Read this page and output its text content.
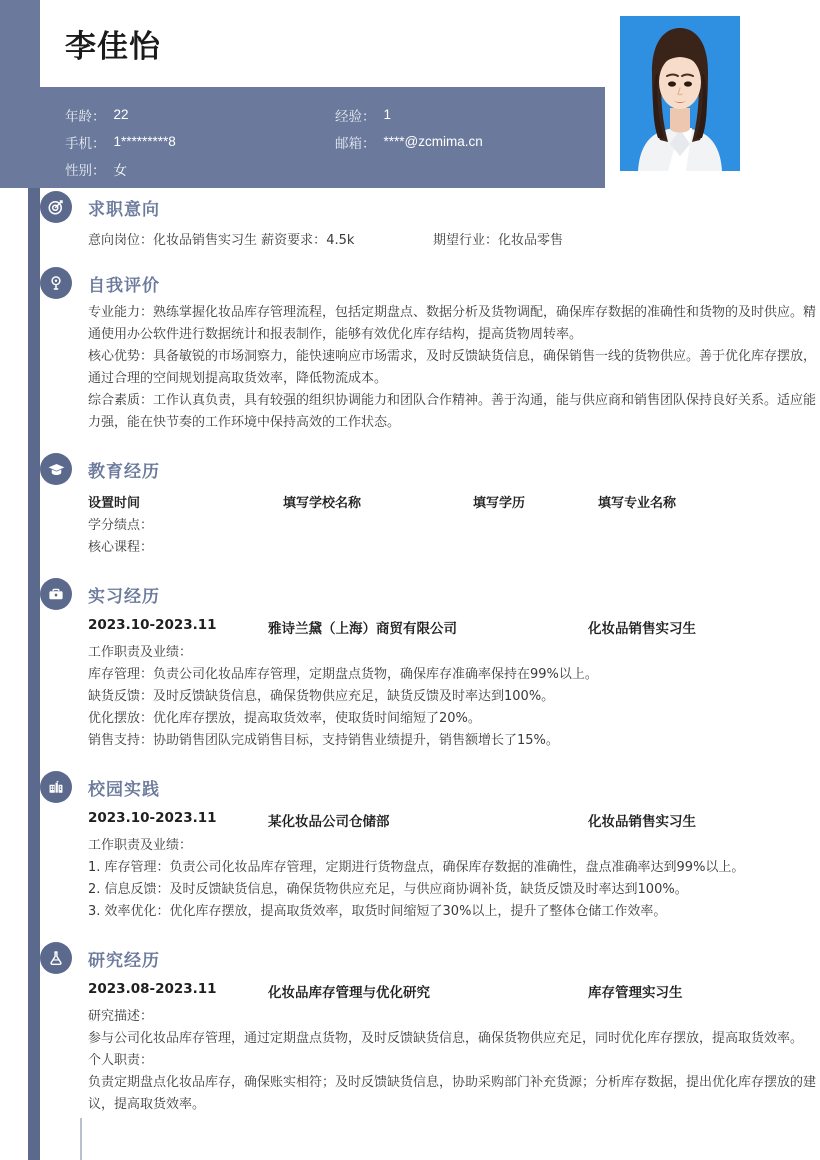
李佳怡
年龄： 22	经验： 1
手机： 1*********8	邮箱： ****@zcmima.cn
性别： 女
求职意向
意向岗位：化妆品销售实习生 薪资要求：4.5k	期望行业：化妆品零售
自我评价

专业能力：熟练掌握化妆品库存管理流程，包括定期盘点、数据分析及货物调配，确保库存数据的准确性和货物的及时供应。精通使用办公软件进行数据统计和报表制作，能够有效优化库存结构，提高货物周转率。

核心优势：具备敏锐的市场洞察力，能快速响应市场需求，及时反馈缺货信息，确保销售一线的货物供应。善于优化库存摆放，通过合理的空间规划提高取货效率，降低物流成本。

综合素质：工作认真负责，具有较强的组织协调能力和团队合作精神。善于沟通，能与供应商和销售团队保持良好关系。适应能力强，能在快节奏的工作环境中保持高效的工作状态。

教育经历
设置时间	填写学校名称	填写学历	填写专业名称

学分绩点：

核心课程：

实习经历
2023.10-2023.11	雅诗兰黛（上海）商贸有限公司	化妆品销售实习生

工作职责及业绩：

库存管理：负责公司化妆品库存管理，定期盘点货物，确保库存准确率保持在99%以上。

缺货反馈：及时反馈缺货信息，确保货物供应充足，缺货反馈及时率达到100%。

优化摆放：优化库存摆放，提高取货效率，使取货时间缩短了20%。

销售支持：协助销售团队完成销售目标，支持销售业绩提升，销售额增长了15%。

校园实践
2023.10-2023.11	某化妆品公司仓储部	化妆品销售实习生

工作职责及业绩：

1. 库存管理：负责公司化妆品库存管理，定期进行货物盘点，确保库存数据的准确性，盘点准确率达到99%以上。

2. 信息反馈：及时反馈缺货信息，确保货物供应充足，与供应商协调补货，缺货反馈及时率达到100%。

3. 效率优化：优化库存摆放，提高取货效率，取货时间缩短了30%以上，提升了整体仓储工作效率。

研究经历
2023.08-2023.11	化妆品库存管理与优化研究	库存管理实习生

研究描述：

参与公司化妆品库存管理，通过定期盘点货物，及时反馈缺货信息，确保货物供应充足，同时优化库存摆放，提高取货效率。

个人职责：

负责定期盘点化妆品库存，确保账实相符；及时反馈缺货信息，协助采购部门补充货源；分析库存数据，提出优化库存摆放的建议，提高取货效率。
